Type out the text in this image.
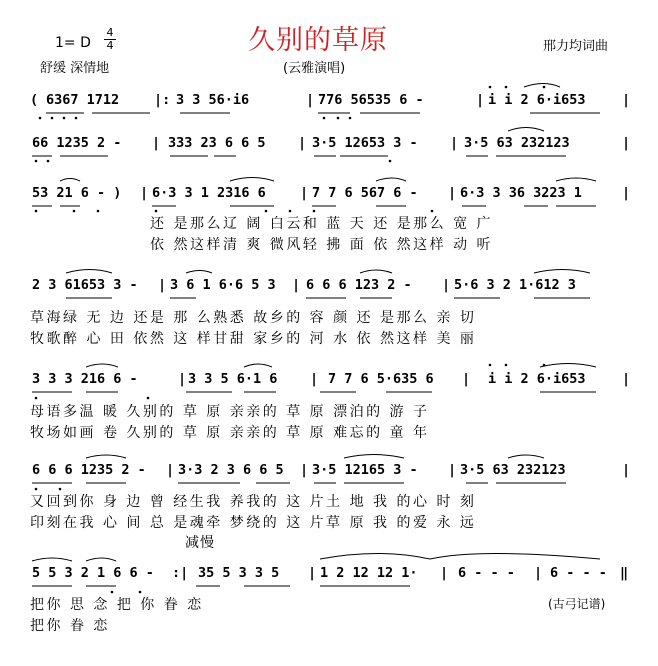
久别的草原
1= D
4
4
舒缓 深情地	(云雅演唱)
邢力均词曲
( 6367 1712	|: 3 3 56·i6	| 776 56535 6 -	| i i 2 6·i653	|
66 1235 2 - | 333 23 6 6 5 | 3·5 12653 3 - | 3·5 63 232123	|
53 21 6 - ) | 6·3 3 1 2316 6	| 7 7 6 567 6 - | 6·3 3 36 3223 1	|
还 是那么辽 阔 白云和 蓝 天 还 是那么 宽 广
依 然这样清 爽 微风轻 拂 面 依 然这样 动 听
2 3 61653 3 - | 3 6 1 6·6 5 3 | 6 6 6 123 2 - | 5·6 3 2 1·612 3
草海绿 无 边 还是 那 么熟悉 故乡的 容 颜 还 是那么 亲 切
牧歌醉 心 田 依然 这 样甘甜 家乡的 河 水 依 然这样 美 丽
3 3 3 216 6 -	| 3 3 5 6·1 6 | 7 7 6 5·635 6 | i i 2 6·i653	|
母语多温 暖 久别的 草 原 亲亲的 草 原 漂泊的 游 子
牧场如画 卷 久别的 草 原 亲亲的 草 原 难忘的 童 年
6 6 6 1235 2 - | 3·3 2 3 6 6 5 | 3·5 12165 3 - | 3·5 63 232123	|
又回到你 身 边 曾 经生我 养我的 这 片土 地 我 的心 时 刻
印刻在我 心 间 总 是魂牵 梦绕的 这 片草 原 我 的爱 永 远
减慢
5 5 3 2 1 6 6 - :| 35 5 3 3 5 | 1 2 12 12 1· | 6 - - - | 6 - - - ‖
把你 思 念 把 你 眷 恋
把你 眷 恋
(古弓记谱)
